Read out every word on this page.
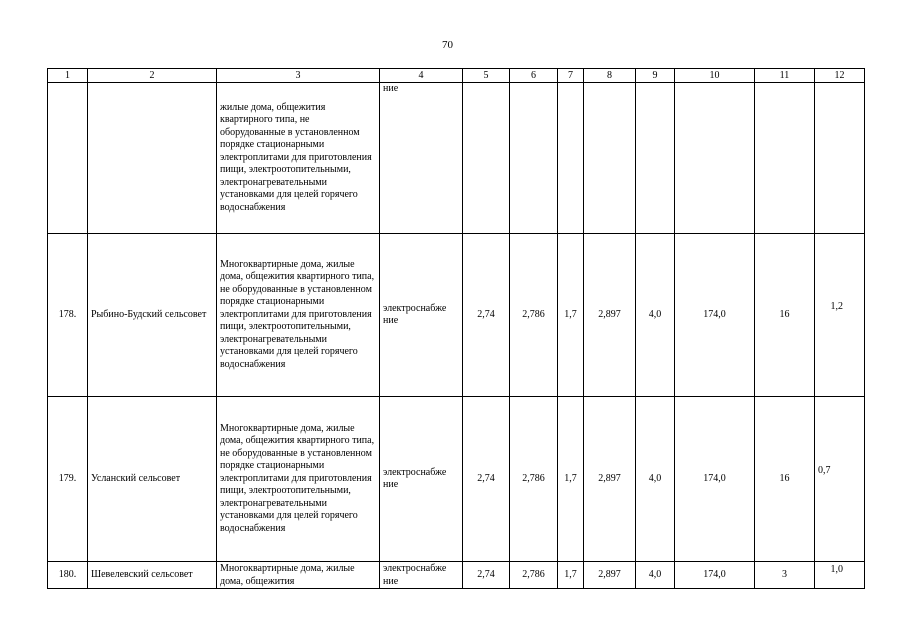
70
1	2	3	4	5	6	7	8	9	10	11	12
		жилые дома, общежития квартирного типа, не оборудованные в установленном порядке стационарными электроплитами для приготовления пищи, электроотопительными, электронагревательными установками для целей горячего водоснабжения	ние								
178.	Рыбино-Будский сельсовет	Многоквартирные дома, жилые дома, общежития квартирного типа, не оборудованные в установленном порядке стационарными электроплитами для приготовления пищи, электроотопительными, электронагревательными установками для целей горячего водоснабжения	электроснабже ние	2,74	2,786	1,7	2,897	4,0	174,0	16	1,2

179.	Усланский сельсовет	Многоквартирные дома, жилые дома, общежития квартирного типа, не оборудованные в установленном порядке стационарными электроплитами для приготовления пищи, электроотопительными, электронагревательными установками для целей горячего водоснабжения	электроснабже ние	2,74	2,786	1,7	2,897	4,0	174,0	16	0,7

180.	Шевелевский сельсовет	Многоквартирные дома, жилые дома, общежития	электроснабже ние	2,74	2,786	1,7	2,897	4,0	174,0	3	1,0
